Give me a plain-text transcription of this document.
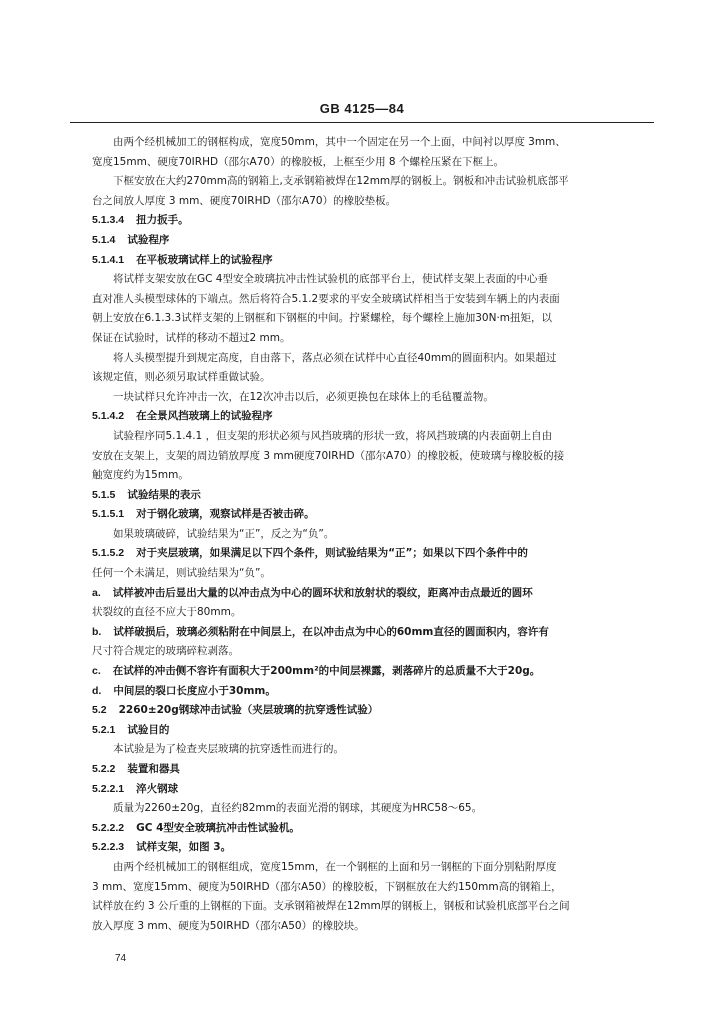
GB 4125—84
由两个经机械加工的钢框构成，宽度50mm，其中一个固定在另一个上面，中间衬以厚度 3mm、
宽度15mm、硬度70IRHD（邵尔A70）的橡胶板，上框至少用 8 个螺栓压紧在下框上。
下框安放在大约270mm高的钢箱上,支承钢箱被焊在12mm厚的钢板上。钢板和冲击试验机底部平
台之间放人厚度 3 mm、硬度70IRHD（邵尔A70）的橡胶垫板。
5.1.3.4 扭力扳手。
5.1.4 试验程序
5.1.4.1 在平板玻璃试样上的试验程序
将试样支架安放在GC 4型安全玻璃抗冲击性试验机的底部平台上，使试样支架上表面的中心垂
直对准人头模型球体的下端点。然后将符合5.1.2要求的平安全玻璃试样相当于安装到车辆上的内表面
朝上安放在6.1.3.3试样支架的上钢框和下钢框的中间。拧紧螺栓，每个螺栓上施加30N·m扭矩，以
保证在试验时，试样的移动不超过2 mm。
将人头模型提升到规定高度，自由落下，落点必须在试样中心直径40mm的圆面积内。如果超过
该规定值，则必须另取试样重做试验。
一块试样只允许冲击一次，在12次冲击以后，必须更换包在球体上的毛毡覆盖物。
5.1.4.2 在全景风挡玻璃上的试验程序
试验程序同5.1.4.1 ，但支架的形状必须与风挡玻璃的形状一致，将风挡玻璃的内表面朝上自由
安放在支架上，支架的周边销放厚度 3 mm硬度70IRHD（邵尔A70）的橡胶板，使玻璃与橡胶板的接
触宽度约为15mm。
5.1.5 试验结果的表示
5.1.5.1 对于钢化玻璃，观察试样是否被击碎。
如果玻璃破碎，试验结果为“正”，反之为“负”。
5.1.5.2 对于夹层玻璃，如果满足以下四个条件，则试验结果为“正”；如果以下四个条件中的
任何一个未满足，则试验结果为“负”。
a. 试样被冲击后显出大量的以冲击点为中心的圆环状和放射状的裂纹，距离冲击点最近的圆环
状裂纹的直径不应大于80mm。
b. 试样破损后，玻璃必须粘附在中间层上，在以冲击点为中心的60mm直径的圆面积内，容许有
尺寸符合规定的玻璃碎粒剥落。
c. 在试样的冲击侧不容许有面积大于200mm²的中间层裸露，剥落碎片的总质量不大于20g。
d. 中间层的裂口长度应小于30mm。
5.2 2260±20g钢球冲击试验（夹层玻璃的抗穿透性试验）
5.2.1 试验目的
本试验是为了检查夹层玻璃的抗穿透性而进行的。
5.2.2 装置和器具
5.2.2.1 淬火钢球
质量为2260±20g，直径约82mm的表面光滑的钢球，其硬度为HRC58～65。
5.2.2.2 GC 4型安全玻璃抗冲击性试验机。
5.2.2.3 试样支架，如图 3。
由两个经机械加工的钢框组成，宽度15mm，在一个钢框的上面和另一钢框的下面分别粘附厚度
3 mm、宽度15mm、硬度为50IRHD（邵尔A50）的橡胶板，下钢框放在大约150mm高的钢箱上，
试样放在约 3 公斤重的上钢框的下面。支承钢箱被焊在12mm厚的钢板上，钢板和试验机底部平台之间
放入厚度 3 mm、硬度为50IRHD（邵尔A50）的橡胶块。
74
